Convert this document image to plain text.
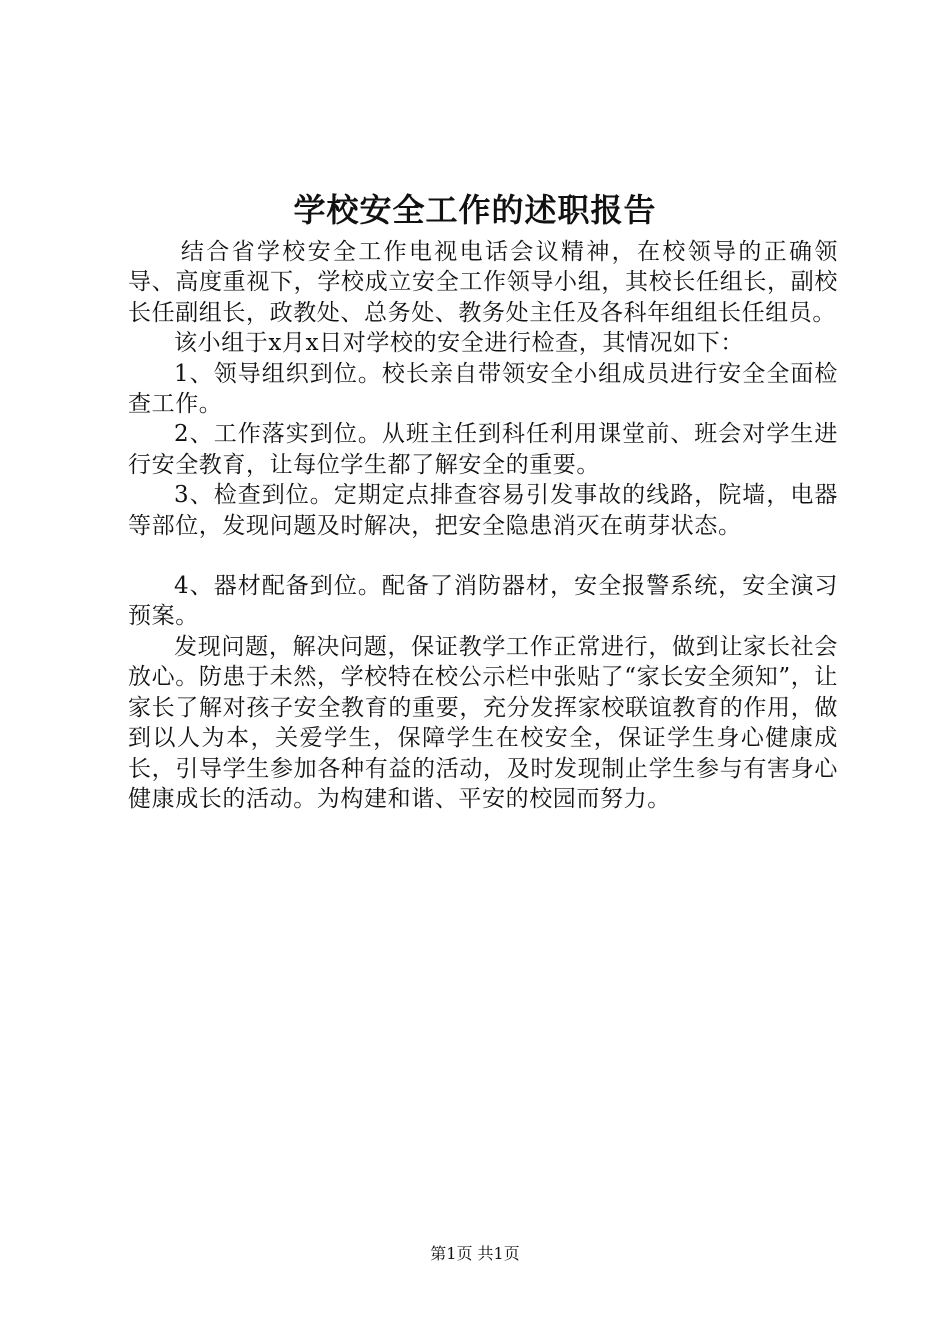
学校安全工作的述职报告

结合省学校安全工作电视电话会议精神，在校领导的正确领导、高度重视下，学校成立安全工作领导小组，其校长任组长，副校长任副组长，政教处、总务处、教务处主任及各科年组组长任组员。

该小组于x月x日对学校的安全进行检查，其情况如下：

1、领导组织到位。校长亲自带领安全小组成员进行安全全面检查工作。

2、工作落实到位。从班主任到科任利用课堂前、班会对学生进行安全教育，让每位学生都了解安全的重要。

3、检查到位。定期定点排查容易引发事故的线路，院墙，电器等部位，发现问题及时解决，把安全隐患消灭在萌芽状态。

4、器材配备到位。配备了消防器材，安全报警系统，安全演习预案。

发现问题，解决问题，保证教学工作正常进行，做到让家长社会放心。防患于未然，学校特在校公示栏中张贴了“家长安全须知”，让家长了解对孩子安全教育的重要，充分发挥家校联谊教育的作用，做到以人为本，关爱学生，保障学生在校安全，保证学生身心健康成长，引导学生参加各种有益的活动，及时发现制止学生参与有害身心健康成长的活动。为构建和谐、平安的校园而努力。

第1页 共1页
